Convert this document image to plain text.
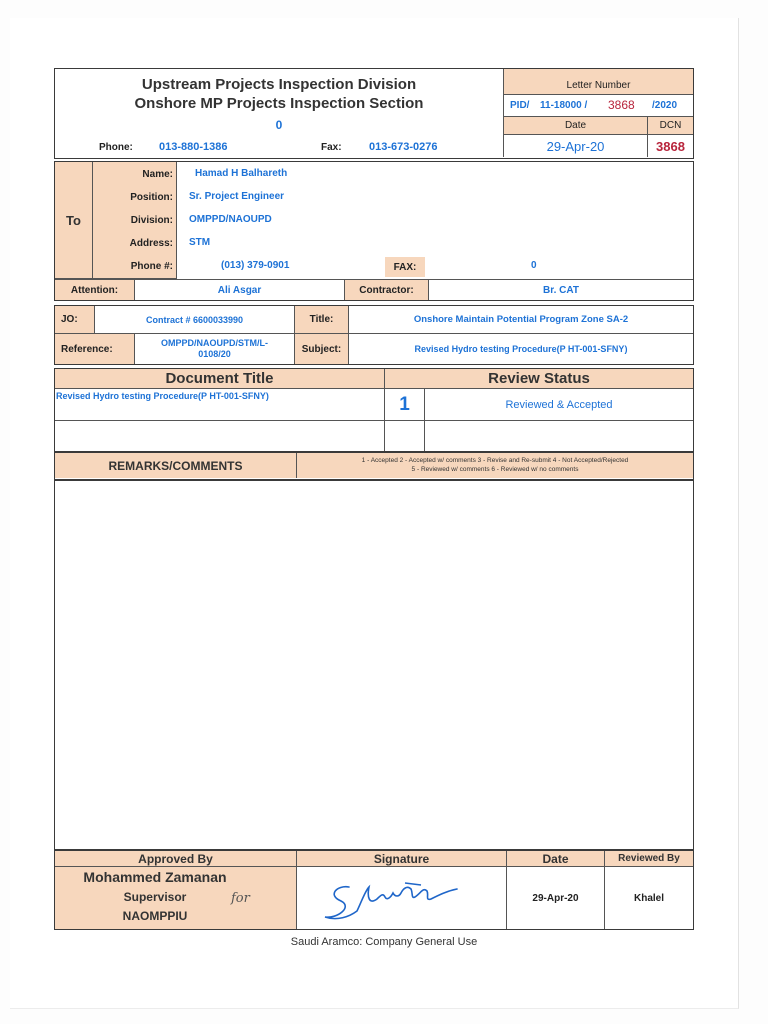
Upstream Projects Inspection Division
Onshore MP Projects Inspection Section
0
Phone: 013-880-1386	Fax: 013-673-0276
Letter Number
PID/ 11-18000 / 3868 /2020
Date	DCN
29-Apr-20	3868
To
Name: Hamad H Balhareth
Position: Sr. Project Engineer
Division: OMPPD/NAOUPD
Address: STM
Phone #:	(013) 379-0901	FAX:	0
Attention:	Ali Asgar	Contractor:	Br. CAT
JO:	Contract # 6600033990	Title:	Onshore Maintain Potential Program Zone SA-2
Reference:
OMPPD/NAOUPD/STM/L-0108/20	Subject:	Revised Hydro testing Procedure(P HT-001-SFNY)
Document Title	Review Status
Revised Hydro testing Procedure(P HT-001-SFNY)	1	Reviewed & Accepted
REMARKS/COMMENTS	1 - Accepted 2 - Accepted w/ comments 3 - Revise and Re-submit 4 - Not Accepted/Rejected
5 - Reviewed w/ comments 6 - Reviewed w/ no comments
Approved By	Signature	Date	Reviewed By
Mohammed Zamanan
Supervisor	for
NAOMPPIU
29-Apr-20	Khalel
Saudi Aramco: Company General Use
